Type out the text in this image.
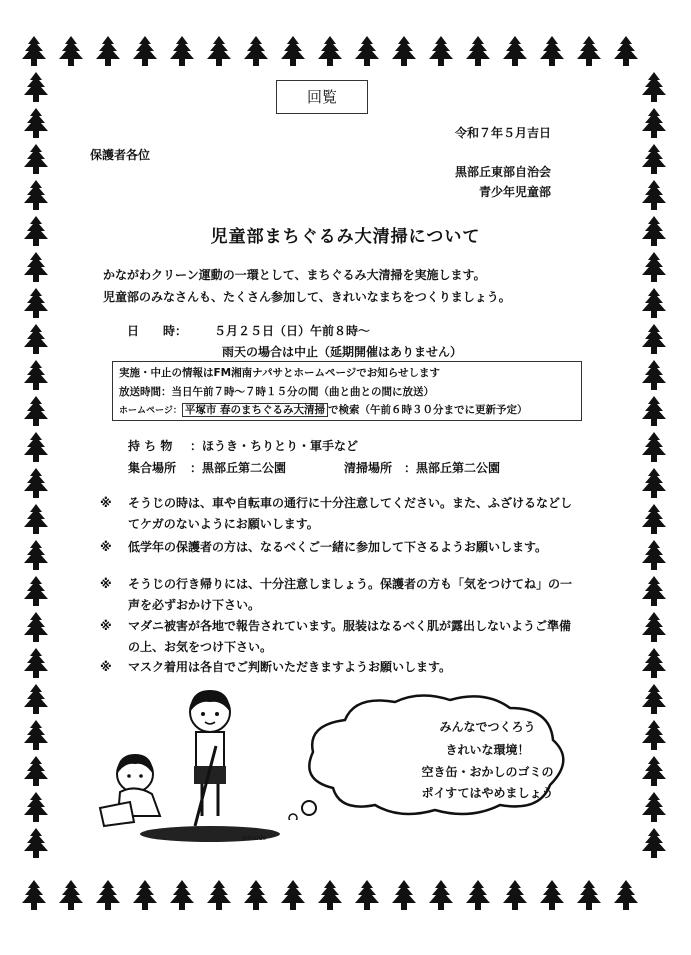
回覧
令和７年５月吉日
保護者各位
黒部丘東部自治会
青少年児童部
児童部まちぐるみ大清掃について
かながわクリーン運動の一環として、まちぐるみ大清掃を実施します。
児童部のみなさんも、たくさん参加して、きれいなまちをつくりましょう。
日　　時： ５月２５日（日）午前８時～
雨天の場合は中止（延期開催はありません）
実施・中止の情報はFM湘南ナパサとホームページでお知らせします
放送時間：当日午前７時～７時１５分の間（曲と曲との間に放送）
ホームページ： 平塚市 春のまちぐるみ大清掃 で検索（午前６時３０分までに更新予定）
持 ち 物 ：ほうき・ちりとり・軍手など
集合場所 ：黒部丘第二公園	清掃場所 ：黒部丘第二公園
※ そうじの時は、車や自転車の通行に十分注意してください。また、ふざけるなどしてケガのないようにお願いします。
※ 低学年の保護者の方は、なるべくご一緒に参加して下さるようお願いします。
※ そうじの行き帰りには、十分注意しましょう。保護者の方も「気をつけてね」の一声を必ずおかけ下さい。
※ マダニ被害が各地で報告されています。服装はなるべく肌が露出しないようご準備の上、お気をつけ下さい。
※ マスク着用は各自でご判断いただきますようお願いします。
みんなでつくろう
きれいな環境！
空き缶・おかしのゴミの
ポイすてはやめましょう
©Fuudo
